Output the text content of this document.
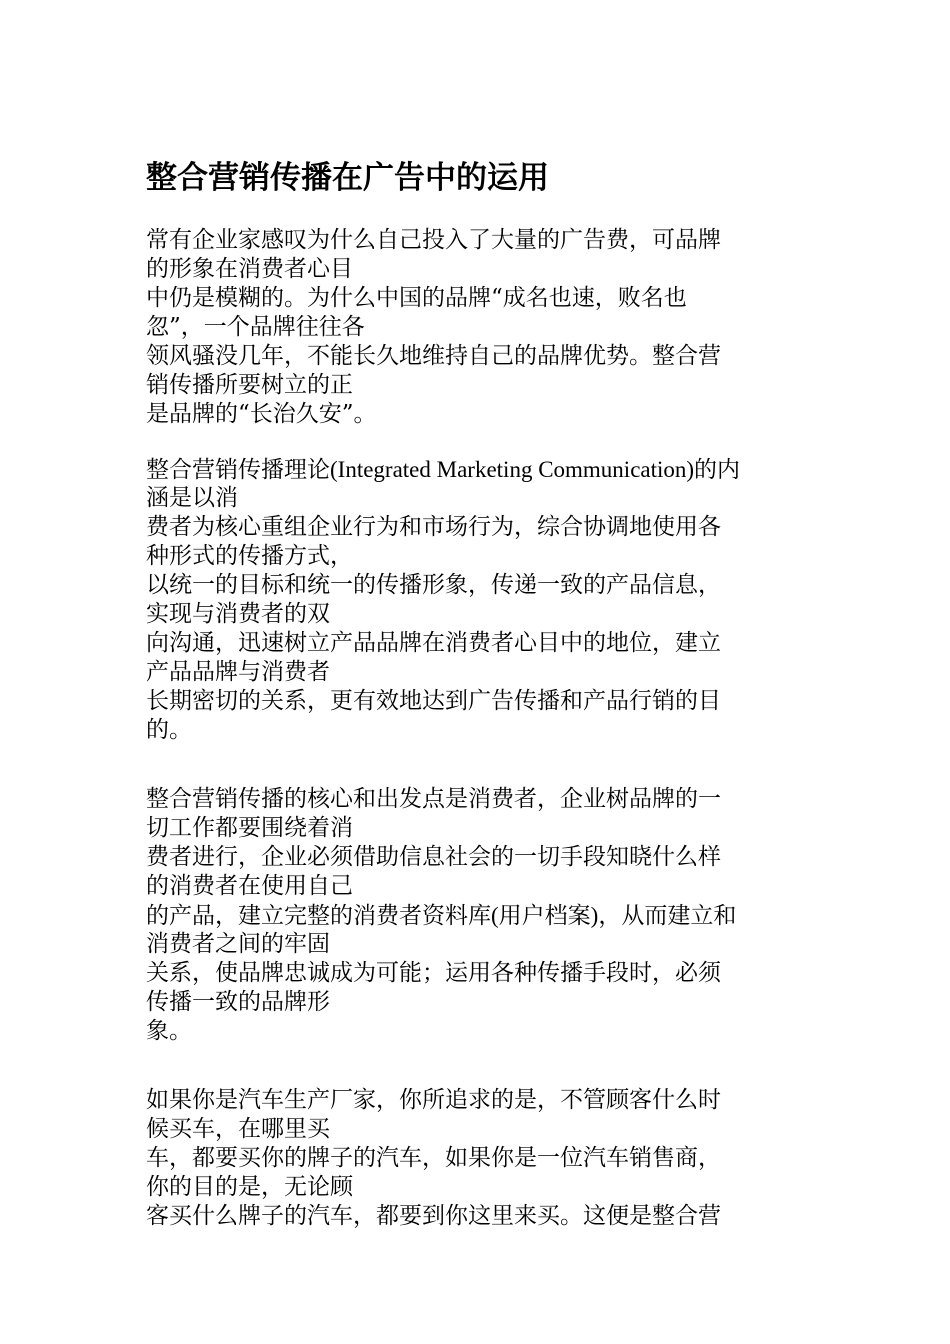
整合营销传播在广告中的运用
常有企业家感叹为什么自己投入了大量的广告费，可品牌
的形象在消费者心目
中仍是模糊的。为什么中国的品牌“成名也速，败名也
忽”，一个品牌往往各
领风骚没几年，不能长久地维持自己的品牌优势。整合营
销传播所要树立的正
是品牌的“长治久安”。
整合营销传播理论(Integrated Marketing Communication)的内
涵是以消
费者为核心重组企业行为和市场行为，综合协调地使用各
种形式的传播方式，
以统一的目标和统一的传播形象，传递一致的产品信息，
实现与消费者的双
向沟通，迅速树立产品品牌在消费者心目中的地位，建立
产品品牌与消费者
长期密切的关系，更有效地达到广告传播和产品行销的目
的。
整合营销传播的核心和出发点是消费者，企业树品牌的一
切工作都要围绕着消
费者进行，企业必须借助信息社会的一切手段知晓什么样
的消费者在使用自己
的产品，建立完整的消费者资料库(用户档案)，从而建立和
消费者之间的牢固
关系，使品牌忠诚成为可能；运用各种传播手段时，必须
传播一致的品牌形
象。
如果你是汽车生产厂家，你所追求的是，不管顾客什么时
候买车，在哪里买
车，都要买你的牌子的汽车，如果你是一位汽车销售商，
你的目的是，无论顾
客买什么牌子的汽车，都要到你这里来买。这便是整合营
